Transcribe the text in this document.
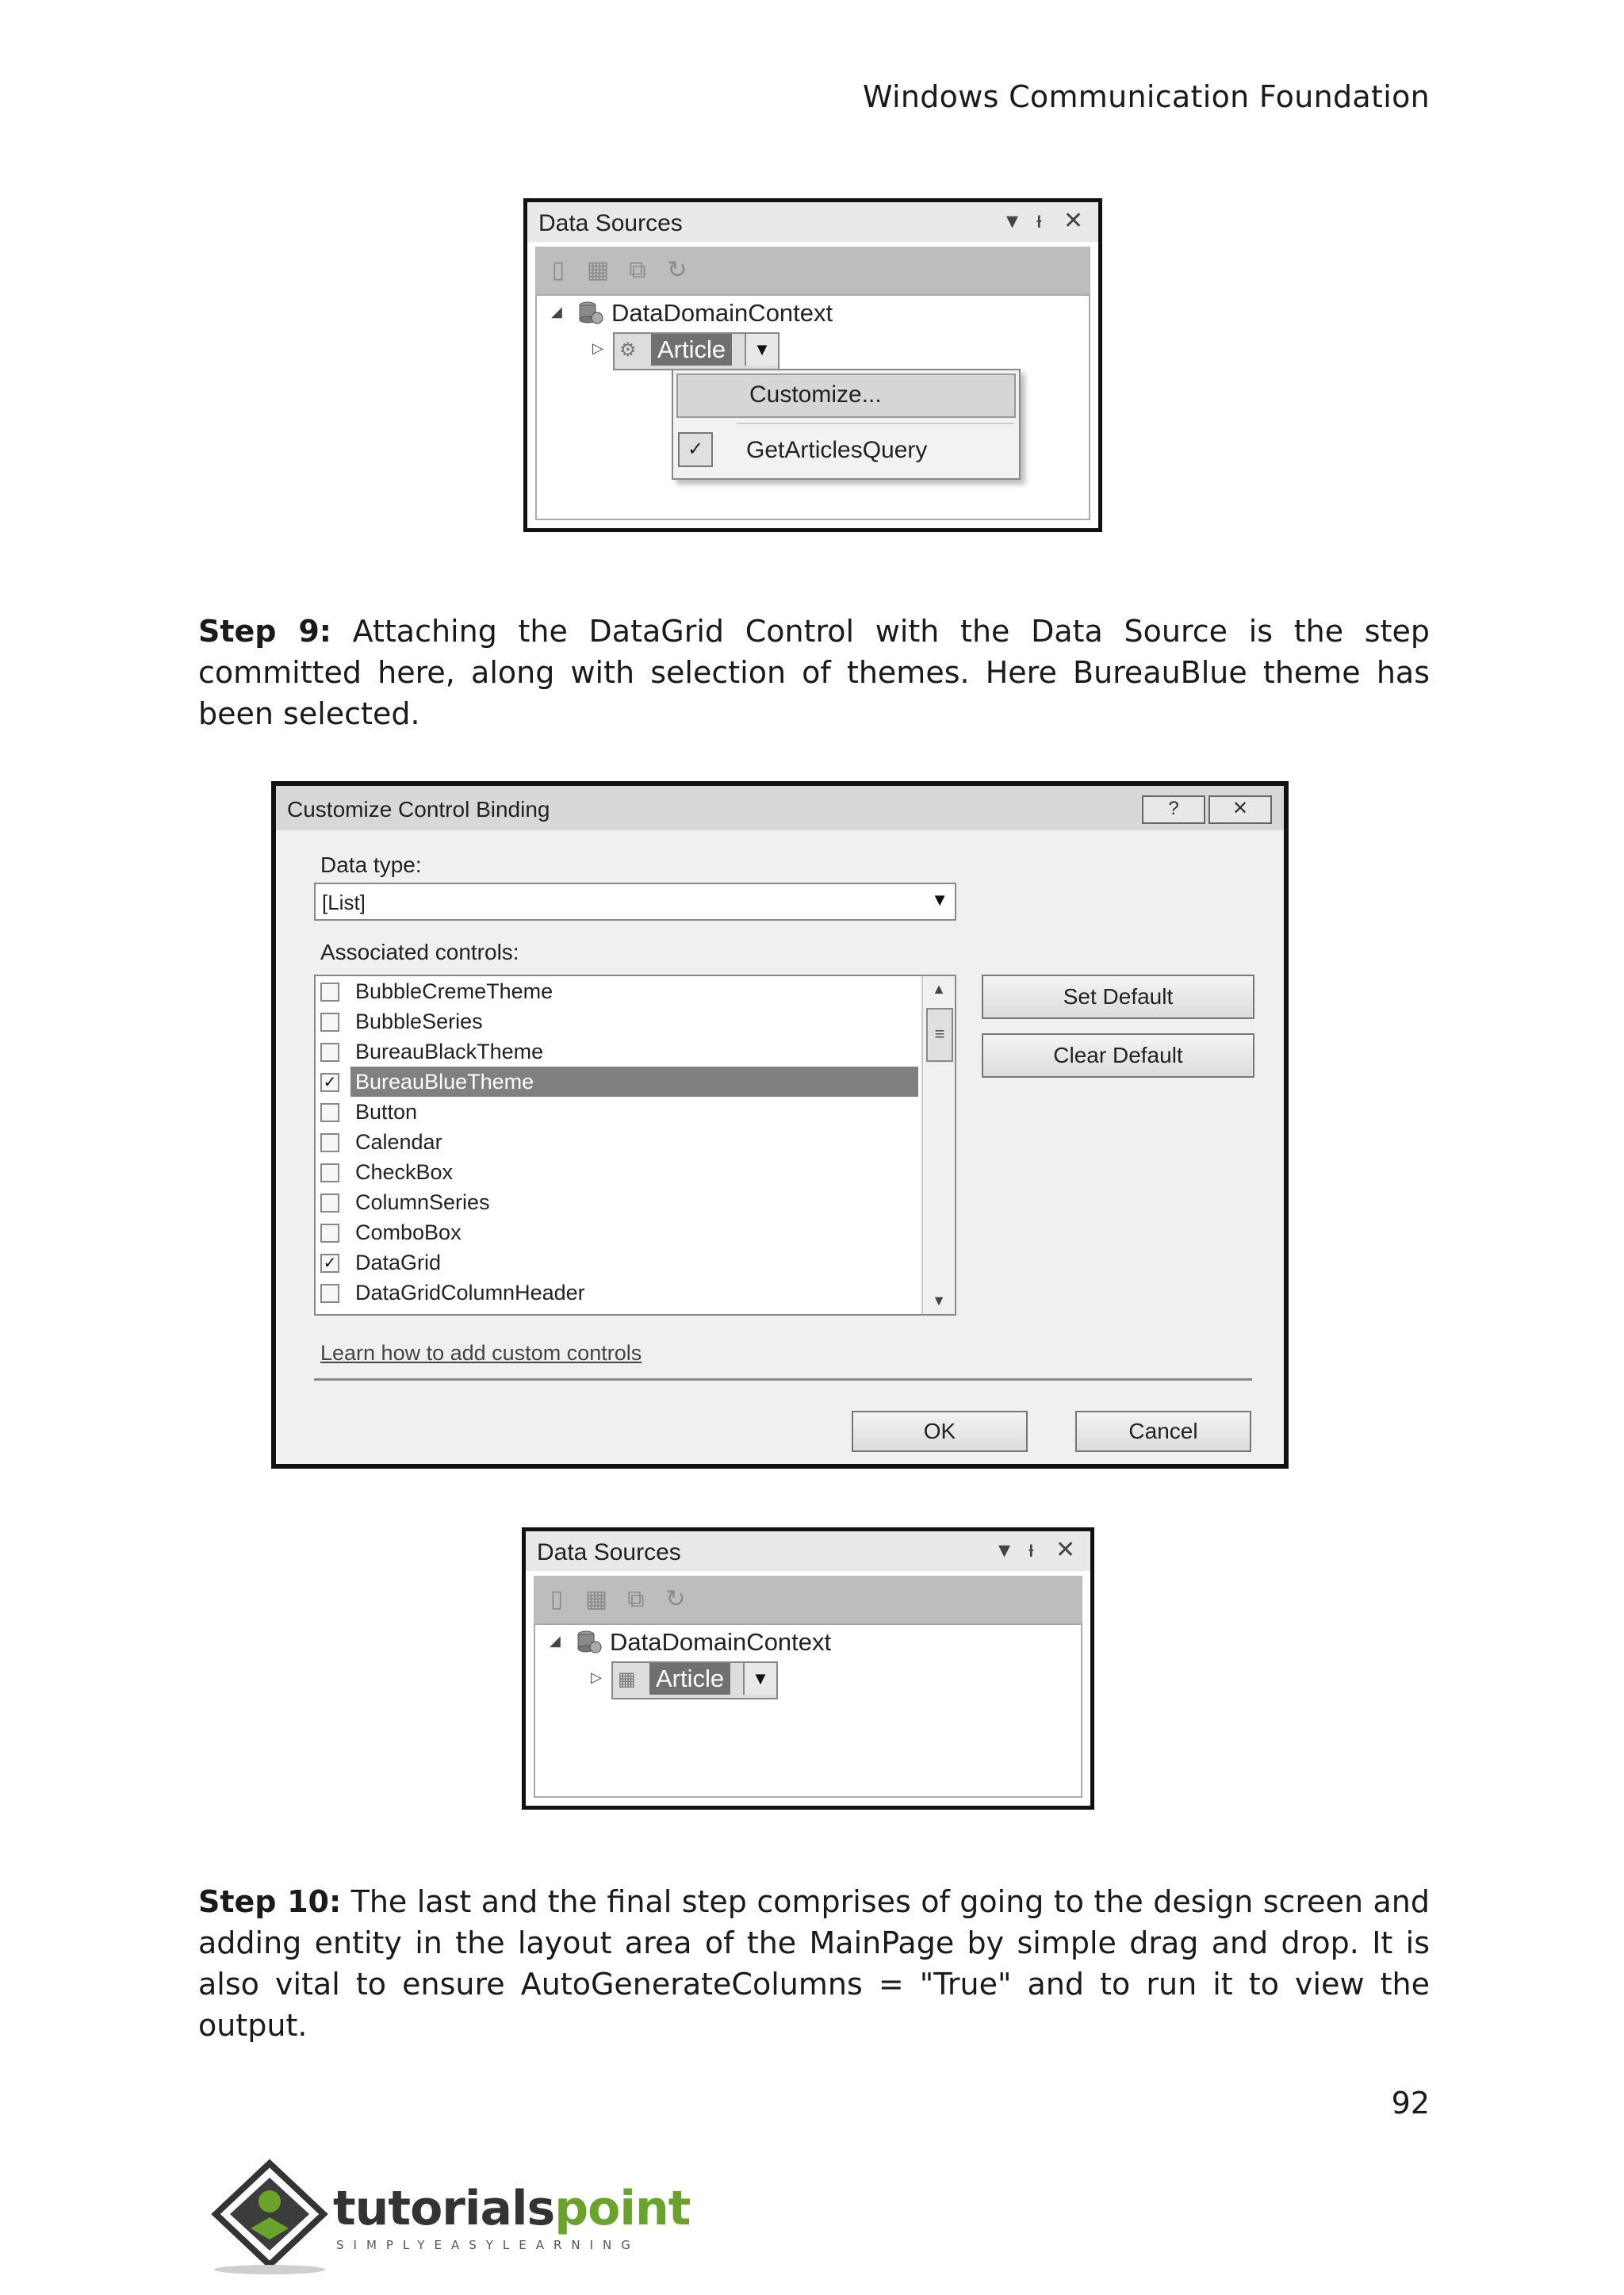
Windows Communication Foundation
Data Sources	▾ ᵼ ✕
▯ ▦ ⧉ ↻
◢ DataDomainContext
▷ ⚙ Article	▼
Customize...
✓	GetArticlesQuery
Step 9: Attaching the DataGrid Control with the Data Source is the step committed here, along with selection of themes. Here BureauBlue theme has been selected.
Customize Control Binding	?	✕
Data type:
[List]	▼
Associated controls:
BubbleCremeTheme
BubbleSeries
BureauBlackTheme
✓ BureauBlueTheme
Button
Calendar
CheckBox
ColumnSeries
ComboBox
✓ DataGrid
DataGridColumnHeader
▲
≡
▼
Set Default
Clear Default
Learn how to add custom controls
OK	Cancel
Data Sources	▾ ᵼ ✕
▯ ▦ ⧉ ↻
◢ DataDomainContext
▷ ▦ Article	▼
Step 10: The last and the final step comprises of going to the design screen and adding entity in the layout area of the MainPage by simple drag and drop. It is also vital to ensure AutoGenerateColumns = "True" and to run it to view the output.
92
tutorialspoint
SIMPLYEASYLEARNING
